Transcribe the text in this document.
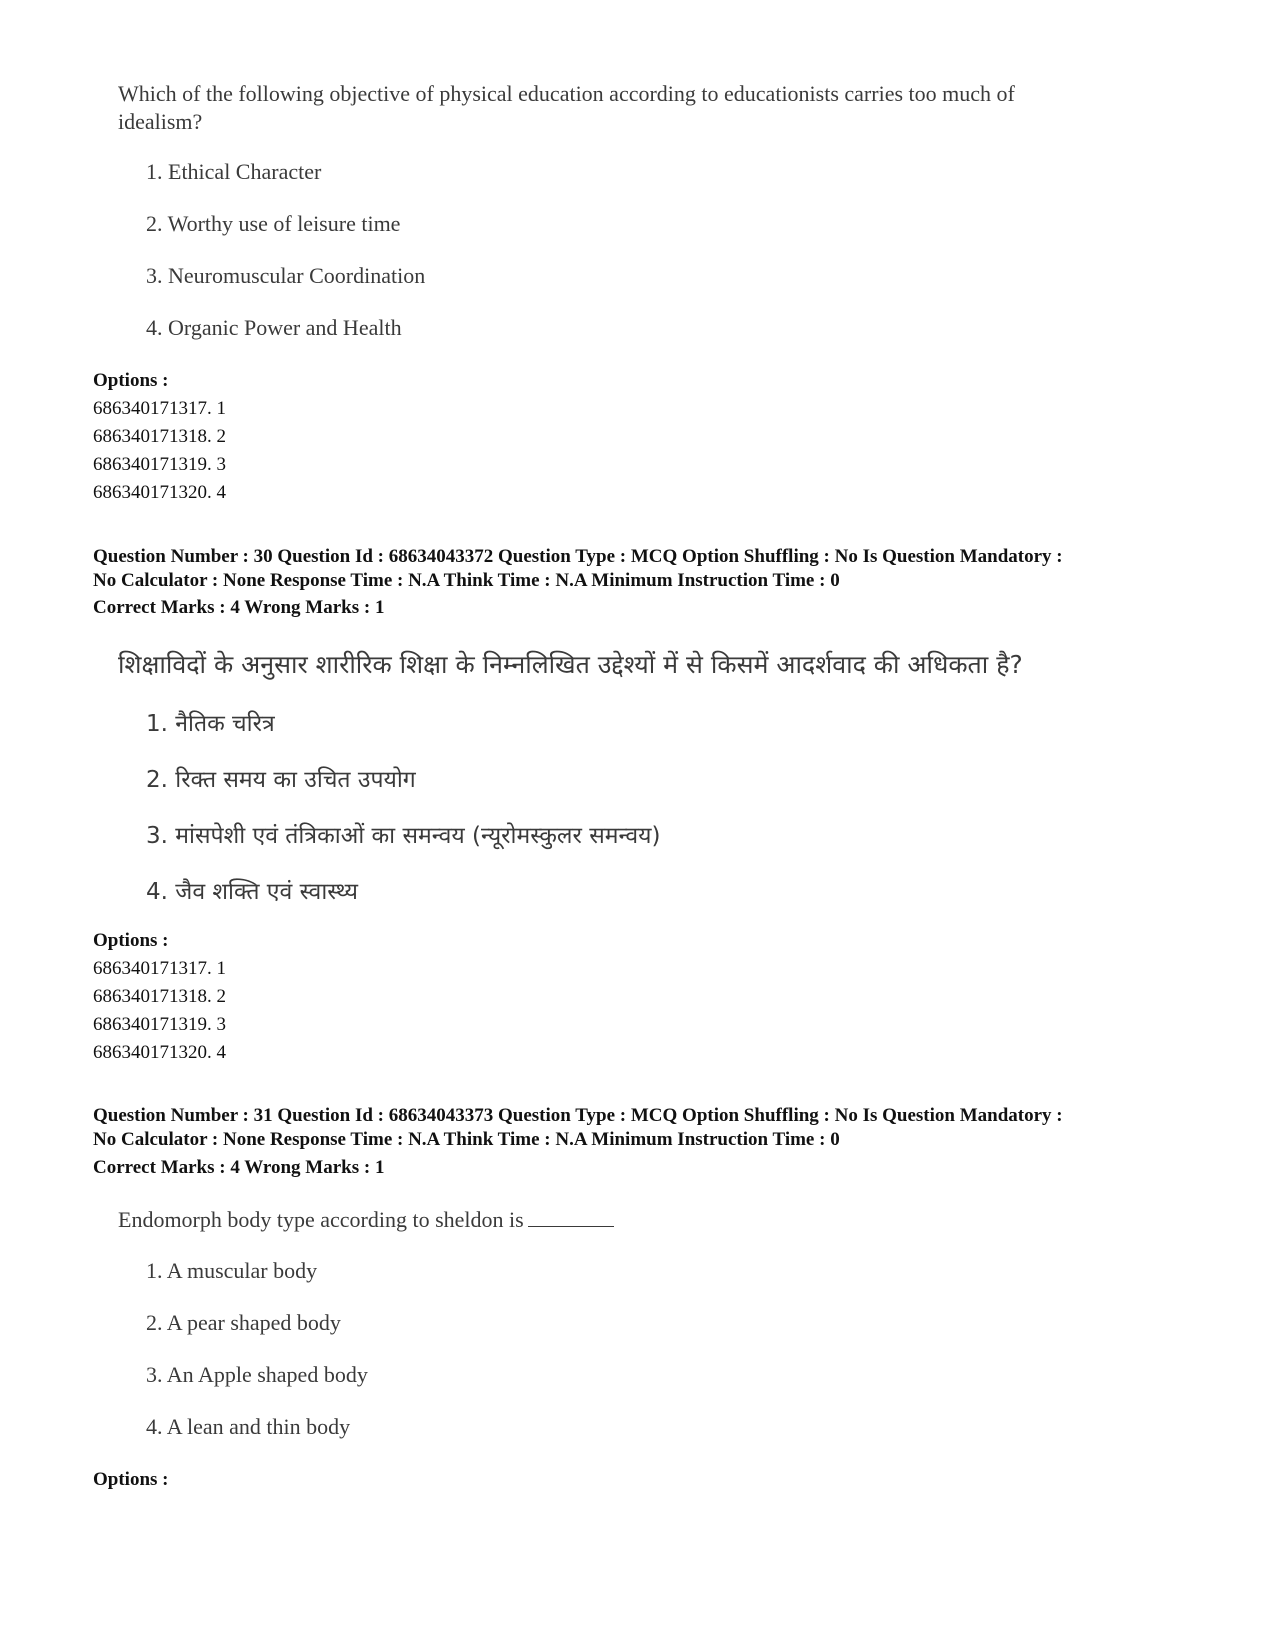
Which of the following objective of physical education according to educationists carries too much of
idealism?
1. Ethical Character
2. Worthy use of leisure time
3. Neuromuscular Coordination
4. Organic Power and Health
Options :
686340171317. 1
686340171318. 2
686340171319. 3
686340171320. 4
Question Number : 30 Question Id : 68634043372 Question Type : MCQ Option Shuffling : No Is Question Mandatory :
No Calculator : None Response Time : N.A Think Time : N.A Minimum Instruction Time : 0
Correct Marks : 4 Wrong Marks : 1
शिक्षाविदों के अनुसार शारीरिक शिक्षा के निम्नलिखित उद्देश्यों में से किसमें आदर्शवाद की अधिकता है?
1. नैतिक चरित्र
2. रिक्त समय का उचित उपयोग
3. मांसपेशी एवं तंत्रिकाओं का समन्वय (न्यूरोमस्कुलर समन्वय)
4. जैव शक्ति एवं स्वास्थ्य
Options :
686340171317. 1
686340171318. 2
686340171319. 3
686340171320. 4
Question Number : 31 Question Id : 68634043373 Question Type : MCQ Option Shuffling : No Is Question Mandatory :
No Calculator : None Response Time : N.A Think Time : N.A Minimum Instruction Time : 0
Correct Marks : 4 Wrong Marks : 1
Endomorph body type according to sheldon is
1. A muscular body
2. A pear shaped body
3. An Apple shaped body
4. A lean and thin body
Options :
